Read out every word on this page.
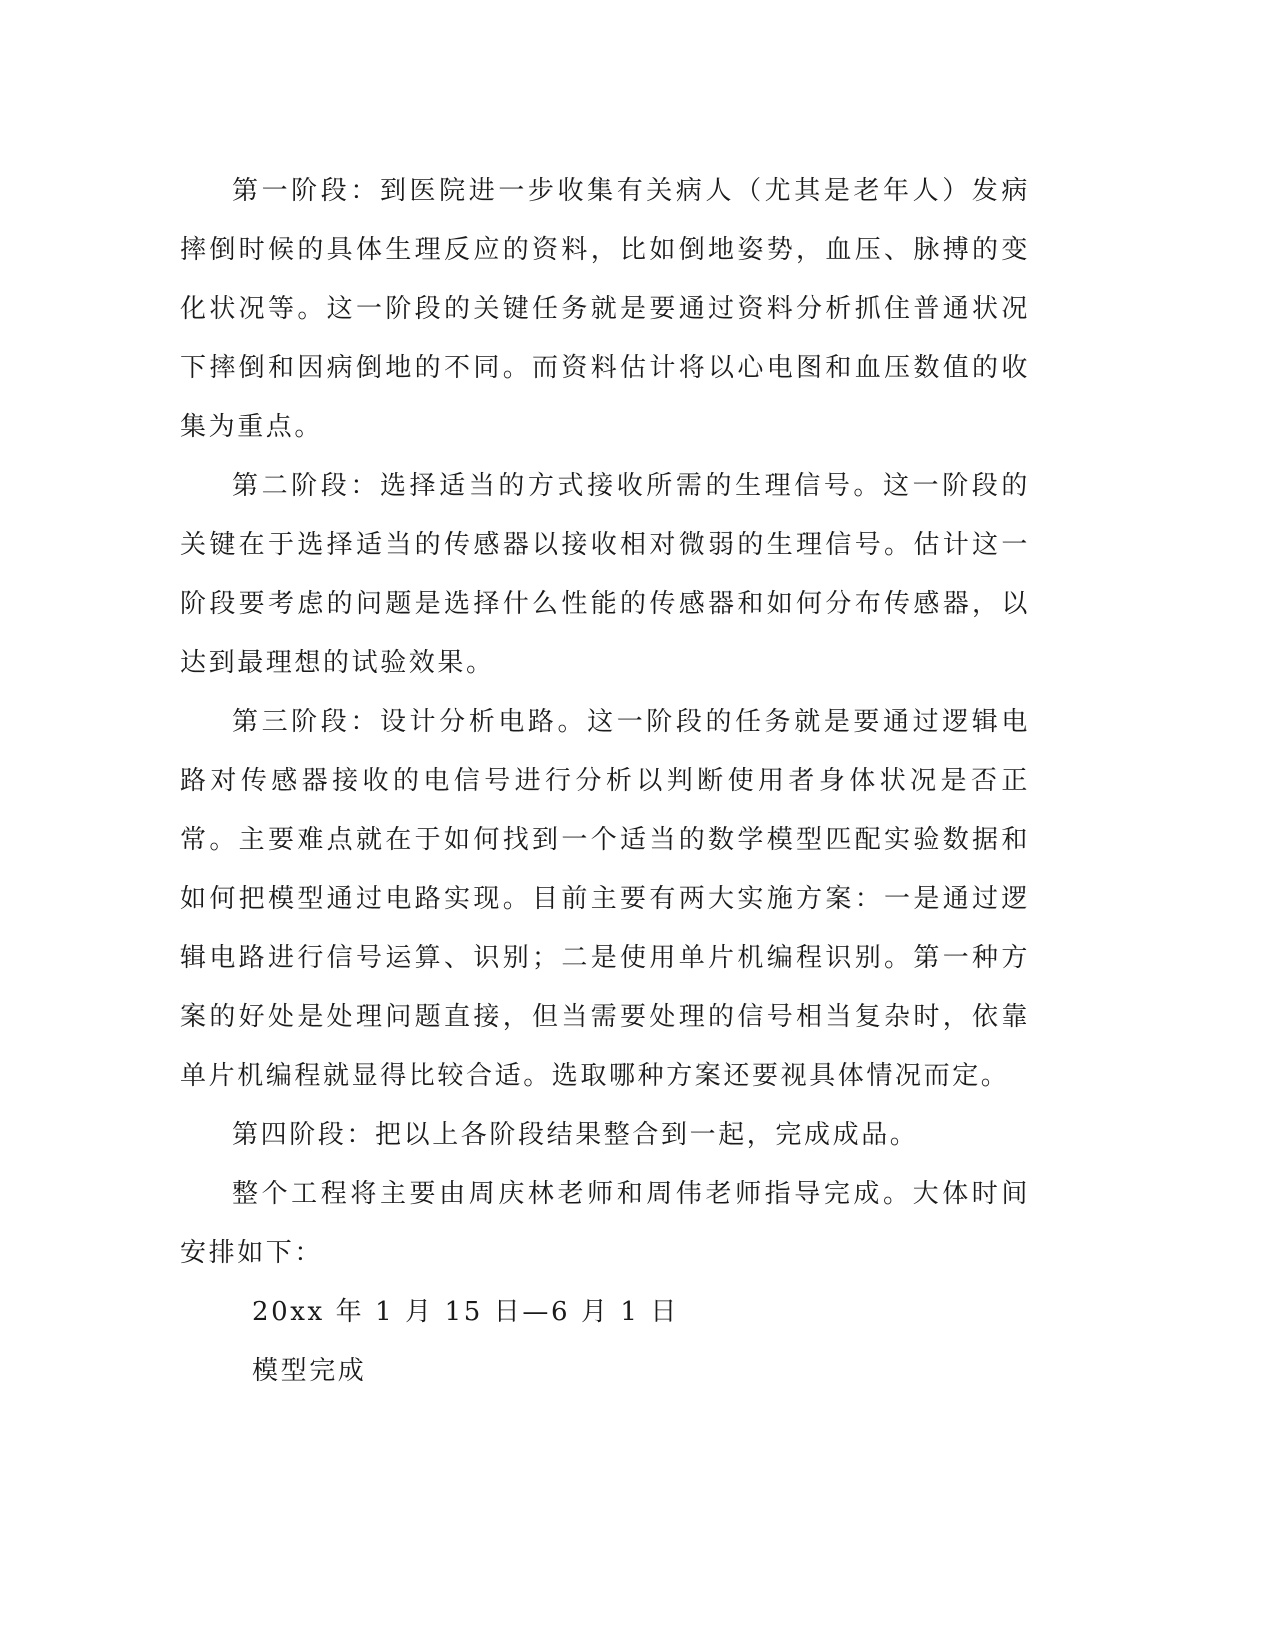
第一阶段：到医院进一步收集有关病人（尤其是老年人）发病摔倒时候的具体生理反应的资料，比如倒地姿势，血压、脉搏的变化状况等。这一阶段的关键任务就是要通过资料分析抓住普通状况下摔倒和因病倒地的不同。而资料估计将以心电图和血压数值的收集为重点。

第二阶段：选择适当的方式接收所需的生理信号。这一阶段的关键在于选择适当的传感器以接收相对微弱的生理信号。估计这一阶段要考虑的问题是选择什么性能的传感器和如何分布传感器，以达到最理想的试验效果。

第三阶段：设计分析电路。这一阶段的任务就是要通过逻辑电路对传感器接收的电信号进行分析以判断使用者身体状况是否正常。主要难点就在于如何找到一个适当的数学模型匹配实验数据和如何把模型通过电路实现。目前主要有两大实施方案：一是通过逻辑电路进行信号运算、识别；二是使用单片机编程识别。第一种方案的好处是处理问题直接，但当需要处理的信号相当复杂时，依靠单片机编程就显得比较合适。选取哪种方案还要视具体情况而定。

第四阶段：把以上各阶段结果整合到一起，完成成品。

整个工程将主要由周庆林老师和周伟老师指导完成。大体时间安排如下：

20xx 年 1 月 15 日—6 月 1 日

模型完成
